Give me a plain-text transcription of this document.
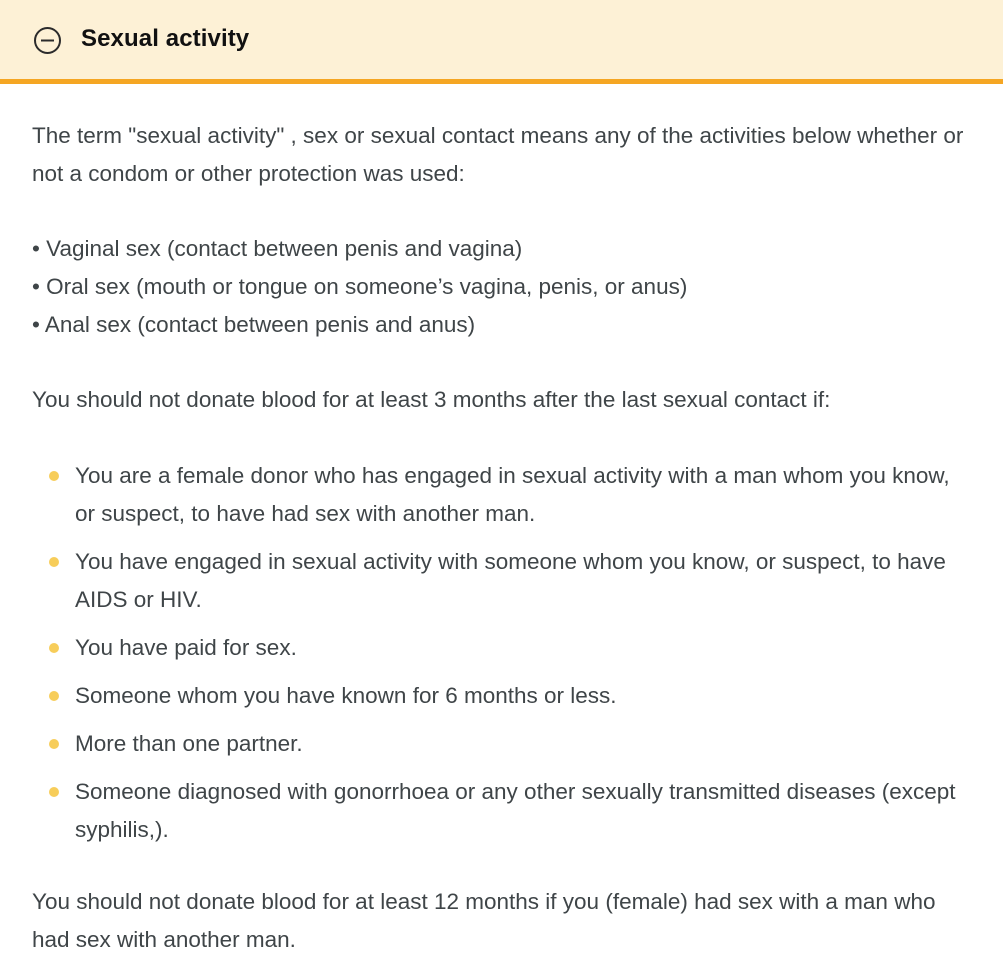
Sexual activity

The term "sexual activity" , sex or sexual contact means any of the activities below whether or not a condom or other protection was used:

• Vaginal sex (contact between penis and vagina)
• Oral sex (mouth or tongue on someone’s vagina, penis, or anus)
• Anal sex (contact between penis and anus)

You should not donate blood for at least 3 months after the last sexual contact if:

You are a female donor who has engaged in sexual activity with a man whom you know, or suspect, to have had sex with another man.
You have engaged in sexual activity with someone whom you know, or suspect, to have AIDS or HIV.
You have paid for sex.
Someone whom you have known for 6 months or less.
More than one partner.
Someone diagnosed with gonorrhoea or any other sexually transmitted diseases (except syphilis,).

You should not donate blood for at least 12 months if you (female) had sex with a man who had sex with another man.
